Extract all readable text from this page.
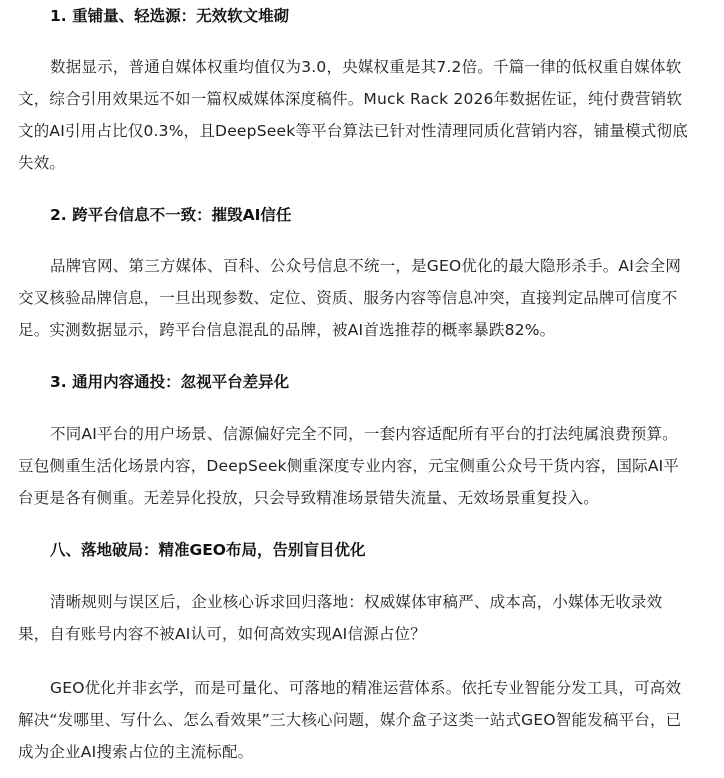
1. 重铺量、轻选源：无效软文堆砌

数据显示，普通自媒体权重均值仅为3.0，央媒权重是其7.2倍。千篇一律的低权重自媒体软文，综合引用效果远不如一篇权威媒体深度稿件。Muck Rack 2026年数据佐证，纯付费营销软文的AI引用占比仅0.3%，且DeepSeek等平台算法已针对性清理同质化营销内容，铺量模式彻底失效。

2. 跨平台信息不一致：摧毁AI信任

品牌官网、第三方媒体、百科、公众号信息不统一，是GEO优化的最大隐形杀手。AI会全网交叉核验品牌信息，一旦出现参数、定位、资质、服务内容等信息冲突，直接判定品牌可信度不足。实测数据显示，跨平台信息混乱的品牌，被AI首选推荐的概率暴跌82%。

3. 通用内容通投：忽视平台差异化

不同AI平台的用户场景、信源偏好完全不同，一套内容适配所有平台的打法纯属浪费预算。豆包侧重生活化场景内容，DeepSeek侧重深度专业内容，元宝侧重公众号干货内容，国际AI平台更是各有侧重。无差异化投放，只会导致精准场景错失流量、无效场景重复投入。

八、落地破局：精准GEO布局，告别盲目优化

清晰规则与误区后，企业核心诉求回归落地：权威媒体审稿严、成本高，小媒体无收录效果，自有账号内容不被AI认可，如何高效实现AI信源占位？

GEO优化并非玄学，而是可量化、可落地的精准运营体系。依托专业智能分发工具，可高效解决“发哪里、写什么、怎么看效果”三大核心问题，媒介盒子这类一站式GEO智能发稿平台，已成为企业AI搜索占位的主流标配。
